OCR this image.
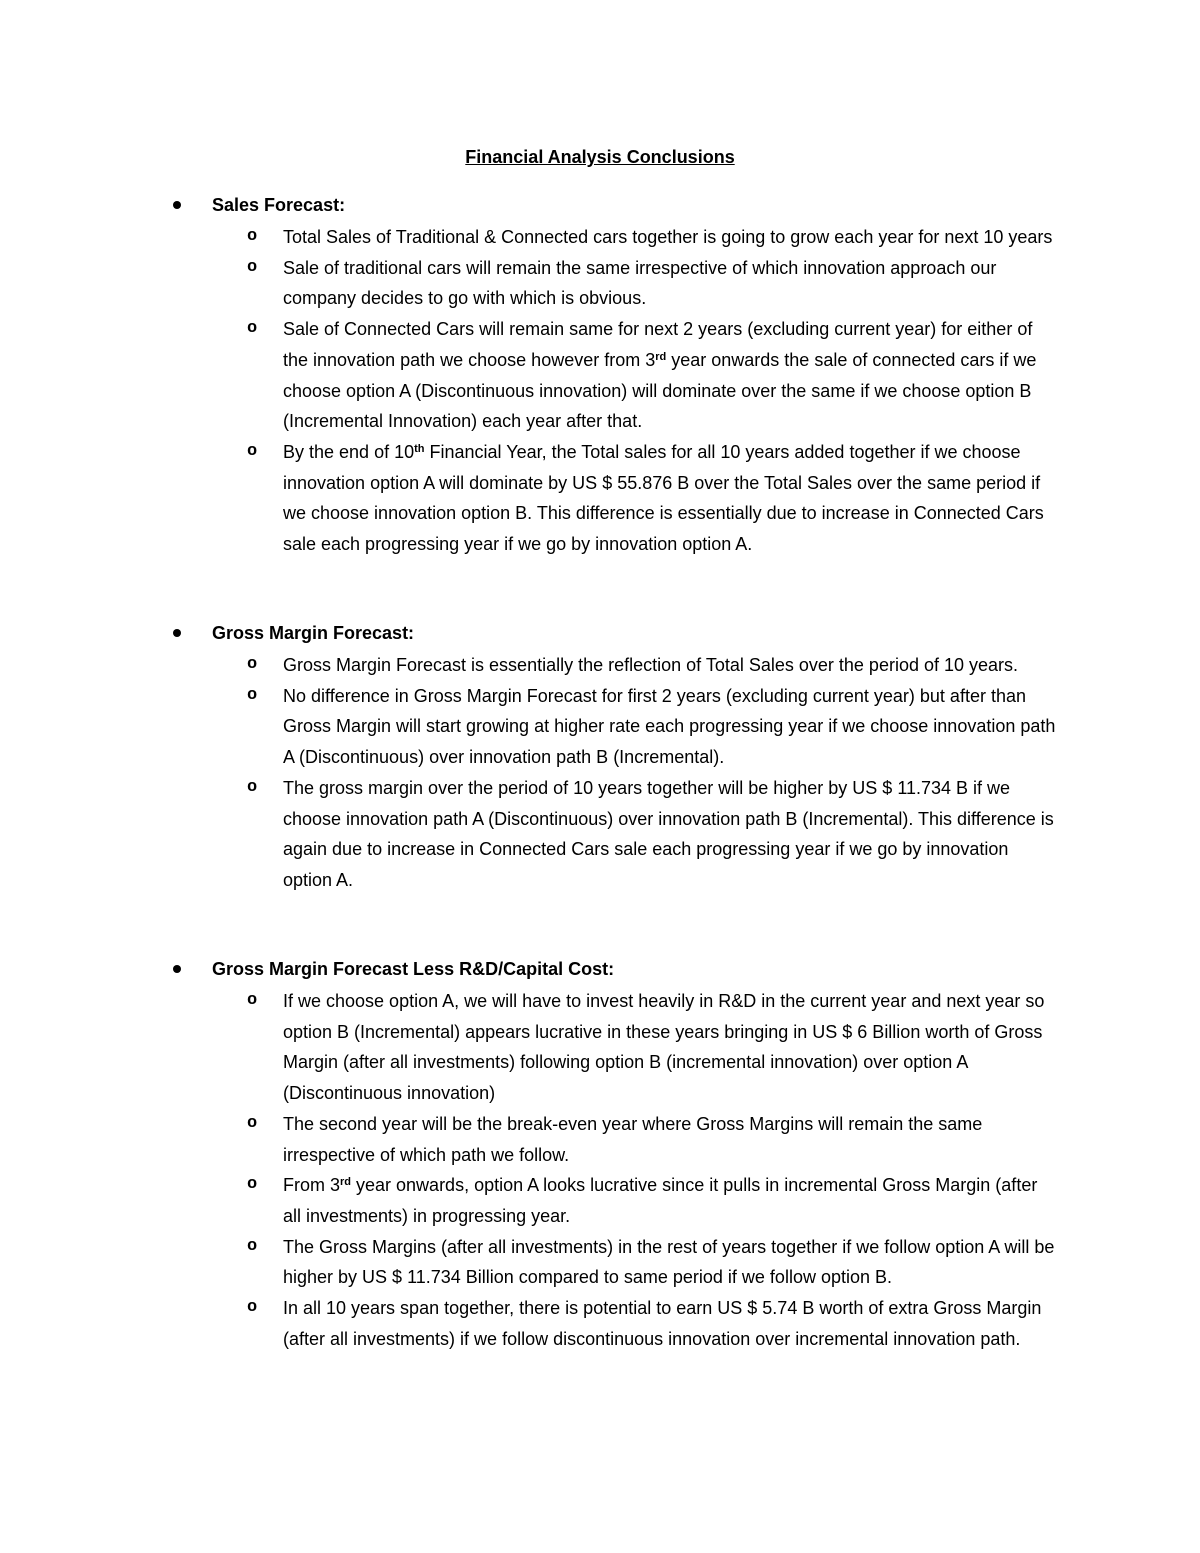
Financial Analysis Conclusions
Sales Forecast:
o Total Sales of Traditional & Connected cars together is going to grow each year for next 10 years
o Sale of traditional cars will remain the same irrespective of which innovation approach our company decides to go with which is obvious.
o Sale of Connected Cars will remain same for next 2 years (excluding current year) for either of the innovation path we choose however from 3rd year onwards the sale of connected cars if we choose option A (Discontinuous innovation) will dominate over the same if we choose option B (Incremental Innovation) each year after that.
o By the end of 10th Financial Year, the Total sales for all 10 years added together if we choose innovation option A will dominate by US $ 55.876 B over the Total Sales over the same period if we choose innovation option B. This difference is essentially due to increase in Connected Cars sale each progressing year if we go by innovation option A.
Gross Margin Forecast:
o Gross Margin Forecast is essentially the reflection of Total Sales over the period of 10 years.
o No difference in Gross Margin Forecast for first 2 years (excluding current year) but after than Gross Margin will start growing at higher rate each progressing year if we choose innovation path A (Discontinuous) over innovation path B (Incremental).
o The gross margin over the period of 10 years together will be higher by US $ 11.734 B if we choose innovation path A (Discontinuous) over innovation path B (Incremental). This difference is again due to increase in Connected Cars sale each progressing year if we go by innovation option A.
Gross Margin Forecast Less R&D/Capital Cost:
o If we choose option A, we will have to invest heavily in R&D in the current year and next year so option B (Incremental) appears lucrative in these years bringing in US $ 6 Billion worth of Gross Margin (after all investments) following option B (incremental innovation) over option A (Discontinuous innovation)
o The second year will be the break-even year where Gross Margins will remain the same irrespective of which path we follow.
o From 3rd year onwards, option A looks lucrative since it pulls in incremental Gross Margin (after all investments) in progressing year.
o The Gross Margins (after all investments) in the rest of years together if we follow option A will be higher by US $ 11.734 Billion compared to same period if we follow option B.
o In all 10 years span together, there is potential to earn US $ 5.74 B worth of extra Gross Margin (after all investments) if we follow discontinuous innovation over incremental innovation path.
